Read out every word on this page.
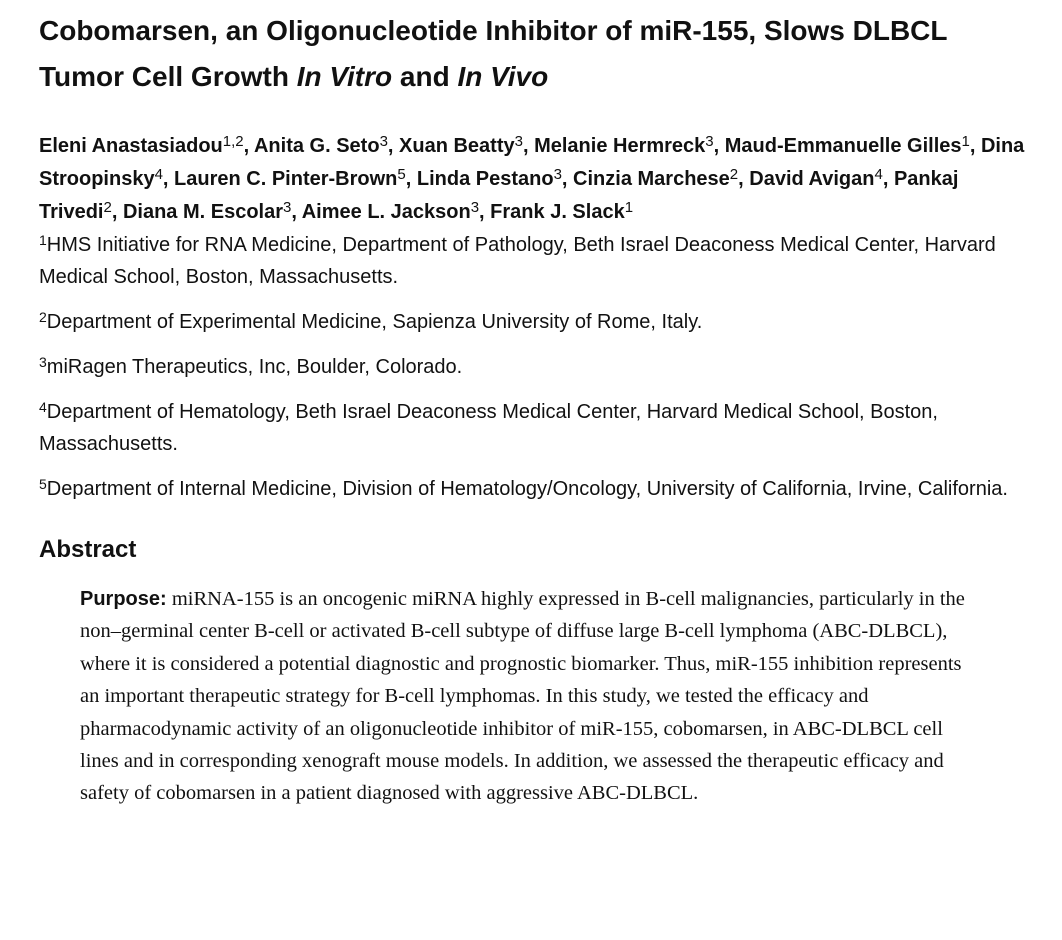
Cobomarsen, an Oligonucleotide Inhibitor of miR-155, Slows DLBCL Tumor Cell Growth In Vitro and In Vivo
Eleni Anastasiadou$^{1,2}$, Anita G. Seto$^3$, Xuan Beatty$^3$, Melanie Hermreck$^3$, Maud-Emmanuelle Gilles$^1$, Dina Stroopinsky$^4$, Lauren C. Pinter-Brown$^5$, Linda Pestano$^3$, Cinzia Marchese$^2$, David Avigan$^4$, Pankaj Trivedi$^2$, Diana M. Escolar$^3$, Aimee L. Jackson$^3$, Frank J. Slack$^1$
$^1$HMS Initiative for RNA Medicine, Department of Pathology, Beth Israel Deaconess Medical Center, Harvard Medical School, Boston, Massachusetts.
$^2$Department of Experimental Medicine, Sapienza University of Rome, Italy.
$^3$miRagen Therapeutics, Inc, Boulder, Colorado.
$^4$Department of Hematology, Beth Israel Deaconess Medical Center, Harvard Medical School, Boston, Massachusetts.
$^5$Department of Internal Medicine, Division of Hematology/Oncology, University of California, Irvine, California.
Abstract
Purpose: miRNA-155 is an oncogenic miRNA highly expressed in B-cell malignancies, particularly in the non–germinal center B-cell or activated B-cell subtype of diffuse large B-cell lymphoma (ABC-DLBCL), where it is considered a potential diagnostic and prognostic biomarker. Thus, miR-155 inhibition represents an important therapeutic strategy for B-cell lymphomas. In this study, we tested the efficacy and pharmacodynamic activity of an oligonucleotide inhibitor of miR-155, cobomarsen, in ABC-DLBCL cell lines and in corresponding xenograft mouse models. In addition, we assessed the therapeutic efficacy and safety of cobomarsen in a patient diagnosed with aggressive ABC-DLBCL.
